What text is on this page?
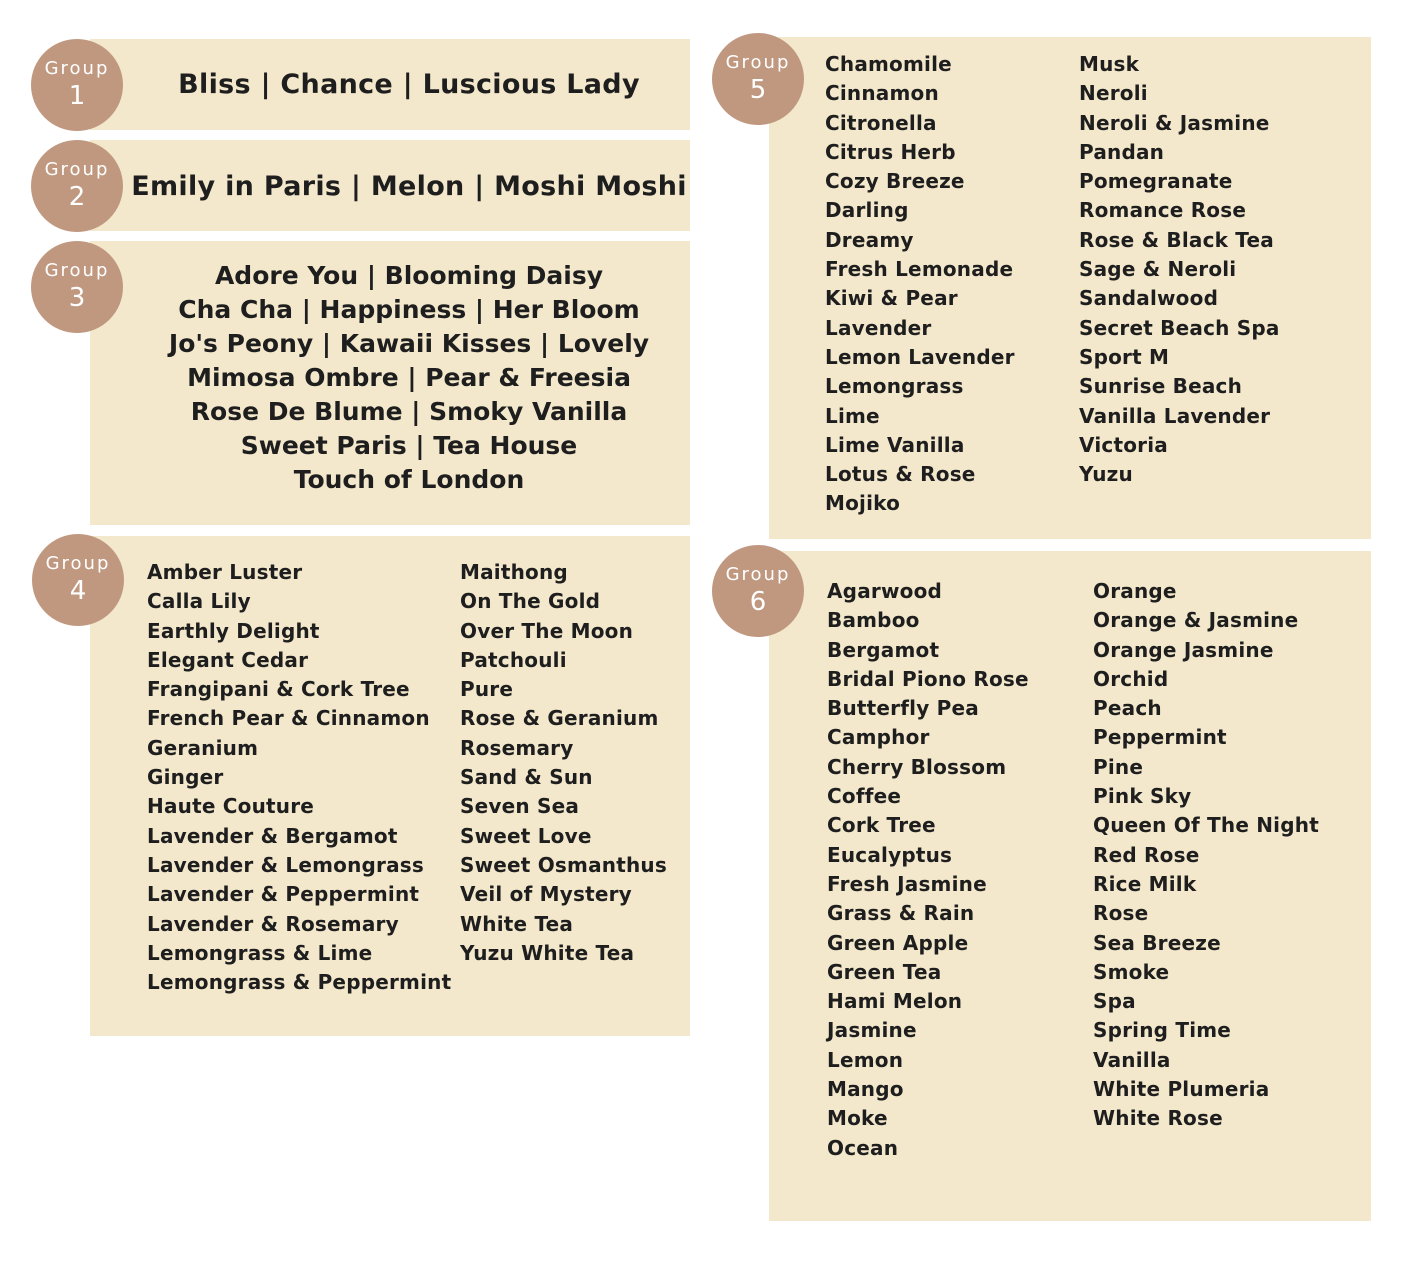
Bliss | Chance | Luscious Lady
Group
1
Emily in Paris | Melon | Moshi Moshi
Group
2
Adore You | Blooming Daisy
Cha Cha | Happiness | Her Bloom
Jo's Peony | Kawaii Kisses | Lovely
Mimosa Ombre | Pear & Freesia
Rose De Blume | Smoky Vanilla
Sweet Paris | Tea House
Touch of London
Group
3
Amber Luster
Calla Lily
Earthly Delight
Elegant Cedar
Frangipani & Cork Tree
French Pear & Cinnamon
Geranium
Ginger
Haute Couture
Lavender & Bergamot
Lavender & Lemongrass
Lavender & Peppermint
Lavender & Rosemary
Lemongrass & Lime
Lemongrass & Peppermint
Maithong
On The Gold
Over The Moon
Patchouli
Pure
Rose & Geranium
Rosemary
Sand & Sun
Seven Sea
Sweet Love
Sweet Osmanthus
Veil of Mystery
White Tea
Yuzu White Tea
Group
4
Chamomile
Cinnamon
Citronella
Citrus Herb
Cozy Breeze
Darling
Dreamy
Fresh Lemonade
Kiwi & Pear
Lavender
Lemon Lavender
Lemongrass
Lime
Lime Vanilla
Lotus & Rose
Mojiko
Musk
Neroli
Neroli & Jasmine
Pandan
Pomegranate
Romance Rose
Rose & Black Tea
Sage & Neroli
Sandalwood
Secret Beach Spa
Sport M
Sunrise Beach
Vanilla Lavender
Victoria
Yuzu
Group
5
Agarwood
Bamboo
Bergamot
Bridal Piono Rose
Butterfly Pea
Camphor
Cherry Blossom
Coffee
Cork Tree
Eucalyptus
Fresh Jasmine
Grass & Rain
Green Apple
Green Tea
Hami Melon
Jasmine
Lemon
Mango
Moke
Ocean
Orange
Orange & Jasmine
Orange Jasmine
Orchid
Peach
Peppermint
Pine
Pink Sky
Queen Of The Night
Red Rose
Rice Milk
Rose
Sea Breeze
Smoke
Spa
Spring Time
Vanilla
White Plumeria
White Rose
Group
6
